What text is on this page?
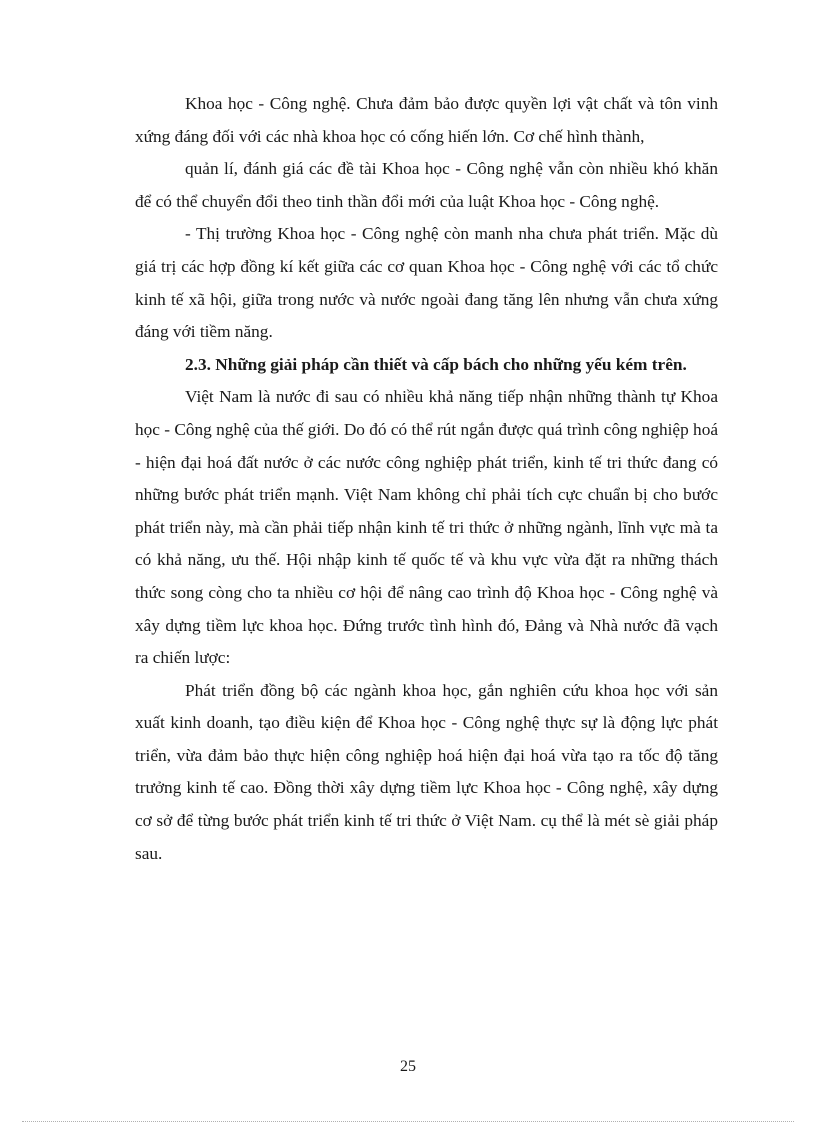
Khoa học - Công nghệ. Chưa đảm bảo được quyền lợi vật chất và tôn vinh xứng đáng đối với các nhà khoa học có cống hiến lớn. Cơ chế hình thành,

quản lí, đánh giá các đề tài Khoa học - Công nghệ vẫn còn nhiều khó khăn để có thể chuyển đổi theo tinh thần đổi mới của luật Khoa học - Công nghệ.

- Thị trường Khoa học - Công nghệ còn manh nha chưa phát triển. Mặc dù giá trị các hợp đồng kí kết giữa các cơ quan Khoa học - Công nghệ với các tổ chức kinh tế xã hội, giữa trong nước và nước ngoài đang tăng lên nhưng vẫn chưa xứng đáng với tiềm năng.

2.3. Những giải pháp cần thiết và cấp bách cho những yếu kém trên.

Việt Nam là nước đi sau có nhiều khả năng tiếp nhận những thành tự Khoa học - Công nghệ của thế giới. Do đó có thể rút ngắn được quá trình công nghiệp hoá - hiện đại hoá đất nước ở các nước công nghiệp phát triển, kinh tế tri thức đang có những bước phát triển mạnh. Việt Nam không chỉ phải tích cực chuẩn bị cho bước phát triển này, mà cần phải tiếp nhận kinh tế tri thức ở những ngành, lĩnh vực mà ta có khả năng, ưu thế. Hội nhập kinh tế quốc tế và khu vực vừa đặt ra những thách thức song còng cho ta nhiều cơ hội để nâng cao trình độ Khoa học - Công nghệ và xây dựng tiềm lực khoa học. Đứng trước tình hình đó, Đảng và Nhà nước đã vạch ra chiến lược:

Phát triển đồng bộ các ngành khoa học, gắn nghiên cứu khoa học với sản xuất kinh doanh, tạo điều kiện để Khoa học - Công nghệ thực sự là động lực phát triển, vừa đảm bảo thực hiện công nghiệp hoá hiện đại hoá vừa tạo ra tốc độ tăng trưởng kinh tế cao. Đồng thời xây dựng tiềm lực Khoa học - Công nghệ, xây dựng cơ sở để từng bước phát triển kinh tế tri thức ở Việt Nam. cụ thể là mét sè giải pháp sau.

25
